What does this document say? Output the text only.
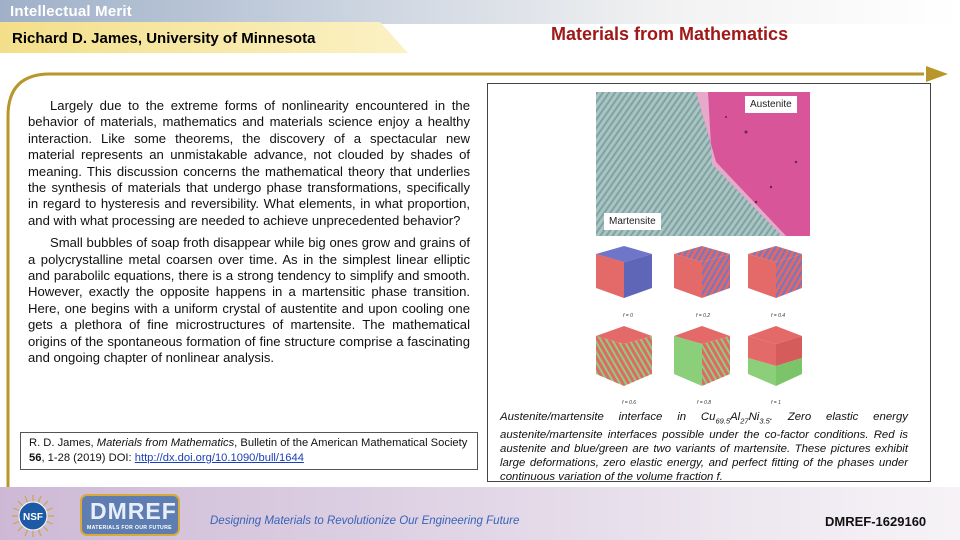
Intellectual Merit
Richard D. James, University of Minnesota	Materials from Mathematics

Largely due to the extreme forms of nonlinearity encountered in the behavior of materials, mathematics and materials science enjoy a healthy interaction. Like some theorems, the discovery of a spectacular new material represents an unmistakable advance, not clouded by shades of meaning. This discussion concerns the mathematical theory that underlies the synthesis of materials that undergo phase transformations, specifically in regard to hysteresis and reversibility. What elements, in what proportion, and with what processing are needed to achieve unprecedented behavior?

Small bubbles of soap froth disappear while big ones grow and grains of a polycrystalline metal coarsen over time. As in the simplest linear elliptic and parabolilc equations, there is a strong tendency to simplify and smooth. However, exactly the opposite happens in a martensitic phase transition. Here, one begins with a uniform crystal of austentite and upon cooling one gets a plethora of fine microstructures of martensite. The mathematical origins of the spontaneous formation of fine structure comprise a fascinating and ongoing chapter of nonlinear analysis.

R. D. James, Materials from Mathematics, Bulletin of the American Mathematical Society 56, 1-28 (2019) DOI: http://dx.doi.org/10.1090/bull/1644
Austenite
Martensite
f = 0	f = 0.2	f = 0.4
f = 0.6	f = 0.8	f = 1
Austenite/martensite interface in $Cu_{69.5}Al_{27}Ni_{3.5}$. Zero elastic energy austenite/martensite interfaces possible under the co-factor conditions. Red is austenite and blue/green are two variants of martensite. These pictures exhibit large deformations, zero elastic energy, and perfect fitting of the phases under continuous variation of the volume fraction f.
NSF DMREF
MATERIALS FOR OUR FUTURE
Designing Materials to Revolutionize Our Engineering Future	DMREF-1629160
